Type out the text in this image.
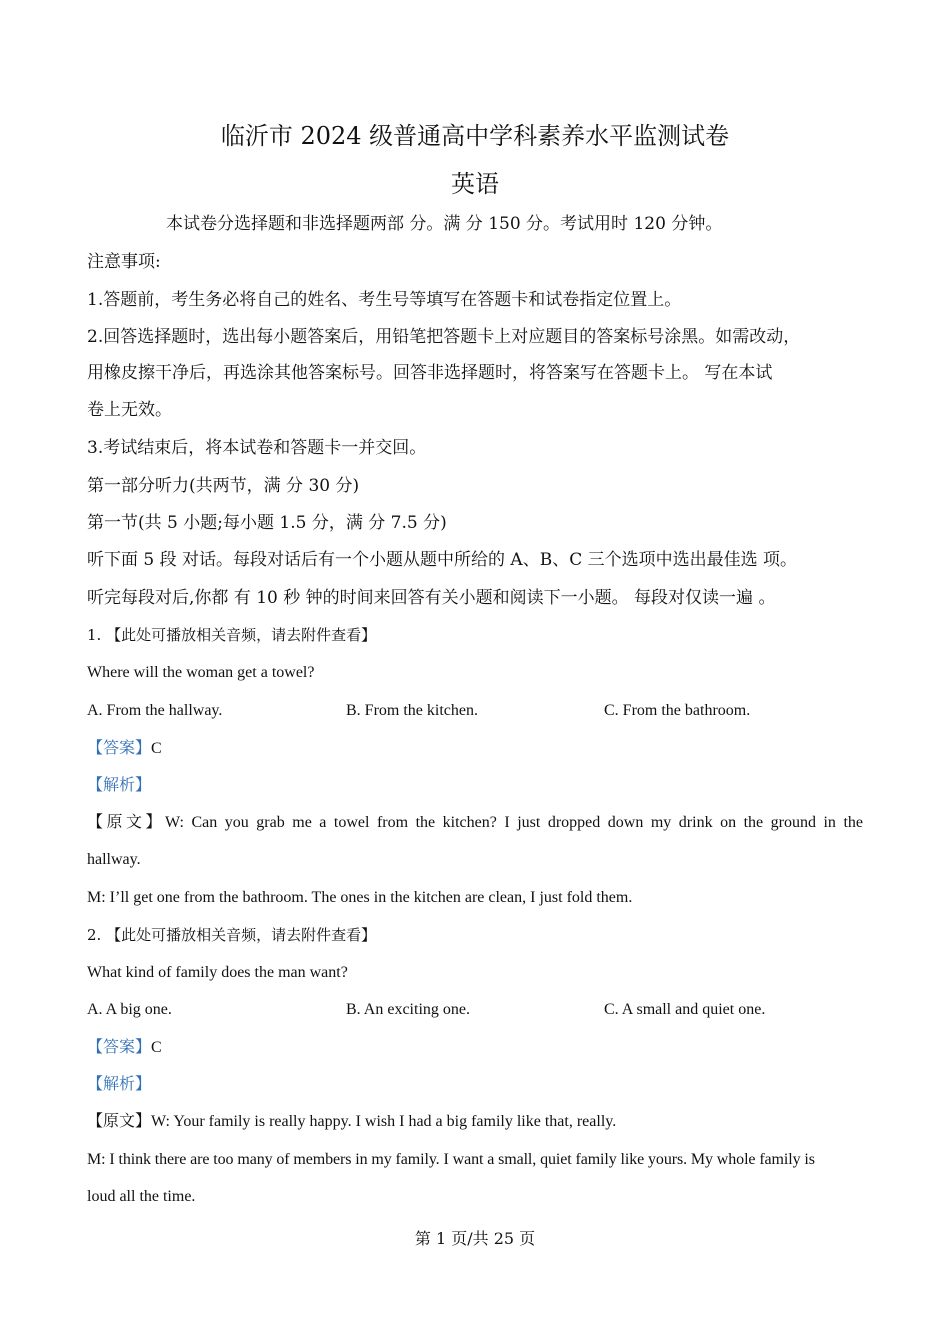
临沂市 2024 级普通高中学科素养水平监测试卷
英语
本试卷分选择题和非选择题两部 分。满 分 150 分。考试用时 120 分钟。
注意事项:
1.答题前，考生务必将自己的姓名、考生号等填写在答题卡和试卷指定位置上。
2.回答选择题时，选出每小题答案后，用铅笔把答题卡上对应题目的答案标号涂黑。如需改动，
用橡皮擦干净后，再选涂其他答案标号。回答非选择题时，将答案写在答题卡上。 写在本试
卷上无效。
3.考试结束后，将本试卷和答题卡一并交回。
第一部分听力(共两节，满 分 30 分)
第一节(共 5 小题;每小题 1.5 分，满 分 7.5 分)
听下面 5 段 对话。每段对话后有一个小题从题中所给的 A、B、C 三个选项中选出最佳选 项。
听完每段对后,你都 有 10 秒 钟的时间来回答有关小题和阅读下一小题。 每段对仅读一遍 。
1. 【此处可播放相关音频，请去附件查看】
Where will the woman get a towel?
A. From the hallway.	B. From the kitchen.	C. From the bathroom.
【答案】C
【解析】
【原文】W: Can you grab me a towel from the kitchen? I just dropped down my drink on the ground in the
hallway.
M: I’ll get one from the bathroom. The ones in the kitchen are clean, I just fold them.
2. 【此处可播放相关音频，请去附件查看】
What kind of family does the man want?
A. A big one.	B. An exciting one.	C. A small and quiet one.
【答案】C
【解析】
【原文】W: Your family is really happy. I wish I had a big family like that, really.
M: I think there are too many of members in my family. I want a small, quiet family like yours. My whole family is
loud all the time.
第 1 页/共 25 页
